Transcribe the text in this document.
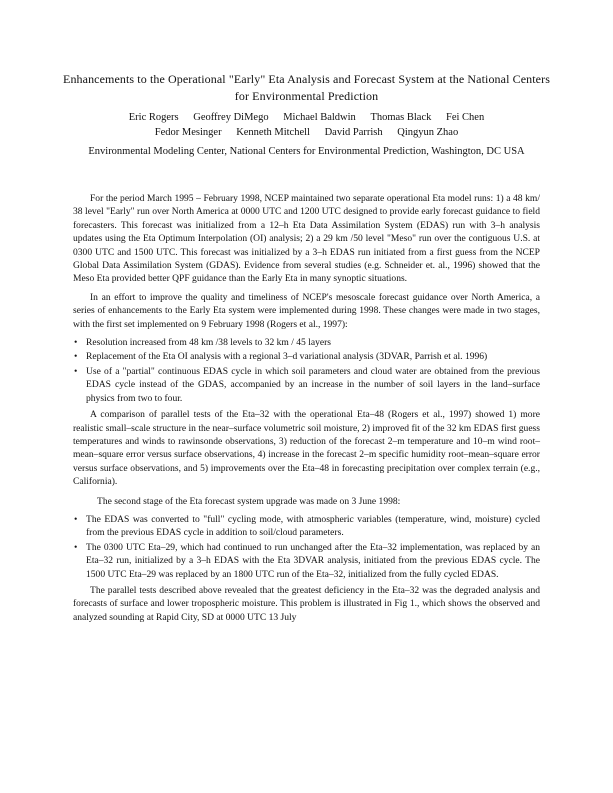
Enhancements to the Operational "Early" Eta Analysis and Forecast System at the National Centers for Environmental Prediction
Eric Rogers Geoffrey DiMego Michael Baldwin Thomas Black Fei Chen
Fedor Mesinger Kenneth Mitchell David Parrish Qingyun Zhao
Environmental Modeling Center, National Centers for Environmental Prediction, Washington, DC USA

For the period March 1995 – February 1998, NCEP maintained two separate operational Eta model runs: 1) a 48 km/ 38 level "Early" run over North America at 0000 UTC and 1200 UTC designed to provide early forecast guidance to field forecasters. This forecast was initialized from a 12–h Eta Data Assimilation System (EDAS) run with 3–h analysis updates using the Eta Optimum Interpolation (OI) analysis; 2) a 29 km /50 level "Meso" run over the contiguous U.S. at 0300 UTC and 1500 UTC. This forecast was initialized by a 3–h EDAS run initiated from a first guess from the NCEP Global Data Assimilation System (GDAS). Evidence from several studies (e.g. Schneider et. al., 1996) showed that the Meso Eta provided better QPF guidance than the Early Eta in many synoptic situations.

In an effort to improve the quality and timeliness of NCEP's mesoscale forecast guidance over North America, a series of enhancements to the Early Eta system were implemented during 1998. These changes were made in two stages, with the first set implemented on 9 February 1998 (Rogers et al., 1997):

• Resolution increased from 48 km /38 levels to 32 km / 45 layers
• Replacement of the Eta OI analysis with a regional 3–d variational analysis (3DVAR, Parrish et al. 1996)
• Use of a "partial" continuous EDAS cycle in which soil parameters and cloud water are obtained from the previous EDAS cycle instead of the GDAS, accompanied by an increase in the number of soil layers in the land–surface physics from two to four.

A comparison of parallel tests of the Eta–32 with the operational Eta–48 (Rogers et al., 1997) showed 1) more realistic small–scale structure in the near–surface volumetric soil moisture, 2) improved fit of the 32 km EDAS first guess temperatures and winds to rawinsonde observations, 3) reduction of the forecast 2–m temperature and 10–m wind root–mean–square error versus surface observations, 4) increase in the forecast 2–m specific humidity root–mean–square error versus surface observations, and 5) improvements over the Eta–48 in forecasting precipitation over complex terrain (e.g., California).

The second stage of the Eta forecast system upgrade was made on 3 June 1998:

• The EDAS was converted to "full" cycling mode, with atmospheric variables (temperature, wind, moisture) cycled from the previous EDAS cycle in addition to soil/cloud parameters.
• The 0300 UTC Eta–29, which had continued to run unchanged after the Eta–32 implementation, was replaced by an Eta–32 run, initialized by a 3–h EDAS with the Eta 3DVAR analysis, initiated from the previous EDAS cycle. The 1500 UTC Eta–29 was replaced by an 1800 UTC run of the Eta–32, initialized from the fully cycled EDAS.

The parallel tests described above revealed that the greatest deficiency in the Eta–32 was the degraded analysis and forecasts of surface and lower tropospheric moisture. This problem is illustrated in Fig 1., which shows the observed and analyzed sounding at Rapid City, SD at 0000 UTC 13 July
